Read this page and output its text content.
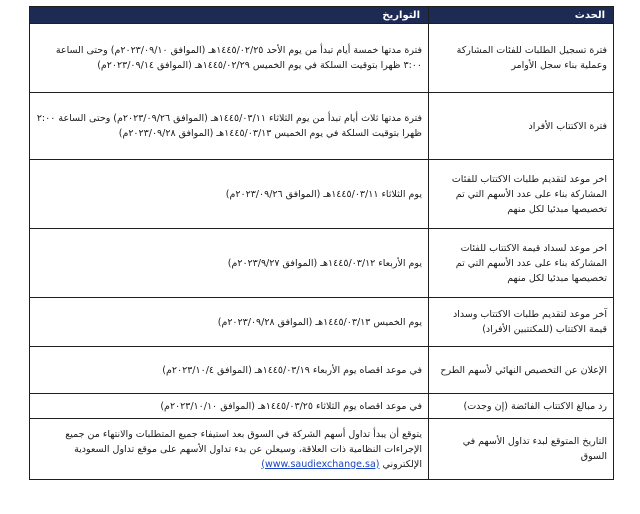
الحدث	التواريخ
فترة تسجيل الطلبات للفئات المشاركة وعملية بناء سجل الأوامر	فترة مدتها خمسة أيام تبدأ من يوم الأحد ١٤٤٥/٠٢/٢٥هـ (الموافق ٢٠٢٣/٠٩/١٠م) وحتى الساعة ٣:٠٠ ظهرا بتوقيت السلكة في يوم الخميس ١٤٤٥/٠٢/٢٩هـ (الموافق ٢٠٢٣/٠٩/١٤م)
فترة الاكتتاب الأفراد	فترة مدتها ثلاث أيام تبدأ من يوم الثلاثاء ١٤٤٥/٠٣/١١هـ (الموافق ٢٠٢٣/٠٩/٢٦م) وحتى الساعة ٢:٠٠ ظهرا بتوقيت السلكة في يوم الخميس ١٤٤٥/٠٣/١٣هـ (الموافق ٢٠٢٣/٠٩/٢٨م)
اخر موعد لتقديم طلبات الاكتتاب للفئات المشاركة بناء على عدد الأسهم التي تم تخصيصها مبدئيا لكل منهم	يوم الثلاثاء ١٤٤٥/٠٣/١١هـ (الموافق ٢٠٢٣/٠٩/٢٦م)
اخر موعد لسداد قيمة الاكتتاب للفئات المشاركة بناء على عدد الأسهم التي تم تخصيصها مبدئيا لكل منهم	يوم الأربعاء ١٤٤٥/٠٣/١٢هـ (الموافق ٢٠٢٣/٩/٢٧م)
آخر موعد لتقديم طلبات الاكتتاب وسداد قيمة الاكتتاب (للمكتتبين الأفراد)	يوم الخميس ١٤٤٥/٠٣/١٣هـ (الموافق ٢٠٢٣/٠٩/٢٨م)
الإعلان عن التخصيص النهائي لأسهم الطرح	في موعد اقصاه يوم الأربعاء ١٤٤٥/٠٣/١٩هـ (الموافق ٢٠٢٣/١٠/٤م)
رد مبالغ الاكتتاب الفائضة (إن وجدت)	في موعد اقصاه يوم الثلاثاء ١٤٤٥/٠٣/٢٥هـ (الموافق ٢٠٢٣/١٠/١٠م)
التاريخ المتوقع لبدء تداول الأسهم في السوق	يتوقع أن يبدأ تداول أسهم الشركة في السوق بعد استيفاء جميع المتطلبات والانتهاء من جميع الإجراءات النظامية ذات العلاقة، وسيعلن عن بدء تداول الأسهم على موقع تداول السعودية الإلكتروني (www.saudiexchange.sa)
